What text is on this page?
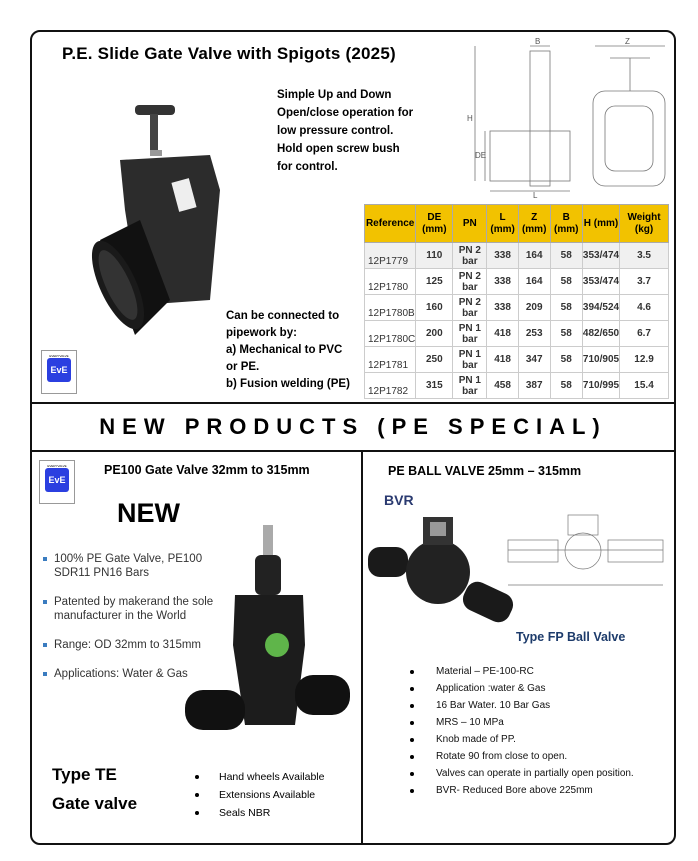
P.E. Slide Gate Valve with Spigots (2025)
Simple Up and Down
Open/close operation for
low pressure control.
Hold open screw bush
for control.
B	Z
H
DE
L
Reference	DE (mm)	PN	L (mm)	Z (mm)	B (mm)	H (mm)	Weight (kg)
12P1779	110	PN 2 bar	338	164	58	353/474	3.5
12P1780	125	PN 2 bar	338	164	58	353/474	3.7
12P1780B	160	PN 2 bar	338	209	58	394/524	4.6
12P1780C	200	PN 1 bar	418	253	58	482/650	6.7
12P1781	250	PN 1 bar	418	347	58	710/905	12.9
12P1782	315	PN 1 bar	458	387	58	710/995	15.4
Can be connected to
pipework by:
a) Mechanical to PVC
or PE.
b) Fusion welding (PE)
EVERYVALVE
EvE
NEW PRODUCTS (PE SPECIAL)
EVERYVALVE
EvE
PE100 Gate Valve 32mm to 315mm
NEW
100% PE Gate Valve, PE100 SDR11 PN16 Bars
Patented by makerand the sole manufacturer in the World
Range: OD 32mm to 315mm
Applications: Water & Gas
Type TE
Gate valve
Hand wheels Available
Extensions Available
Seals NBR
PE BALL VALVE 25mm – 315mm
BVR
Type FP Ball Valve
Material – PE-100-RC
Application :water & Gas
16 Bar Water. 10 Bar Gas
MRS – 10 MPa
Knob made of PP.
Rotate 90 from close to open.
Valves can operate in partially open position.
BVR- Reduced Bore above 225mm
